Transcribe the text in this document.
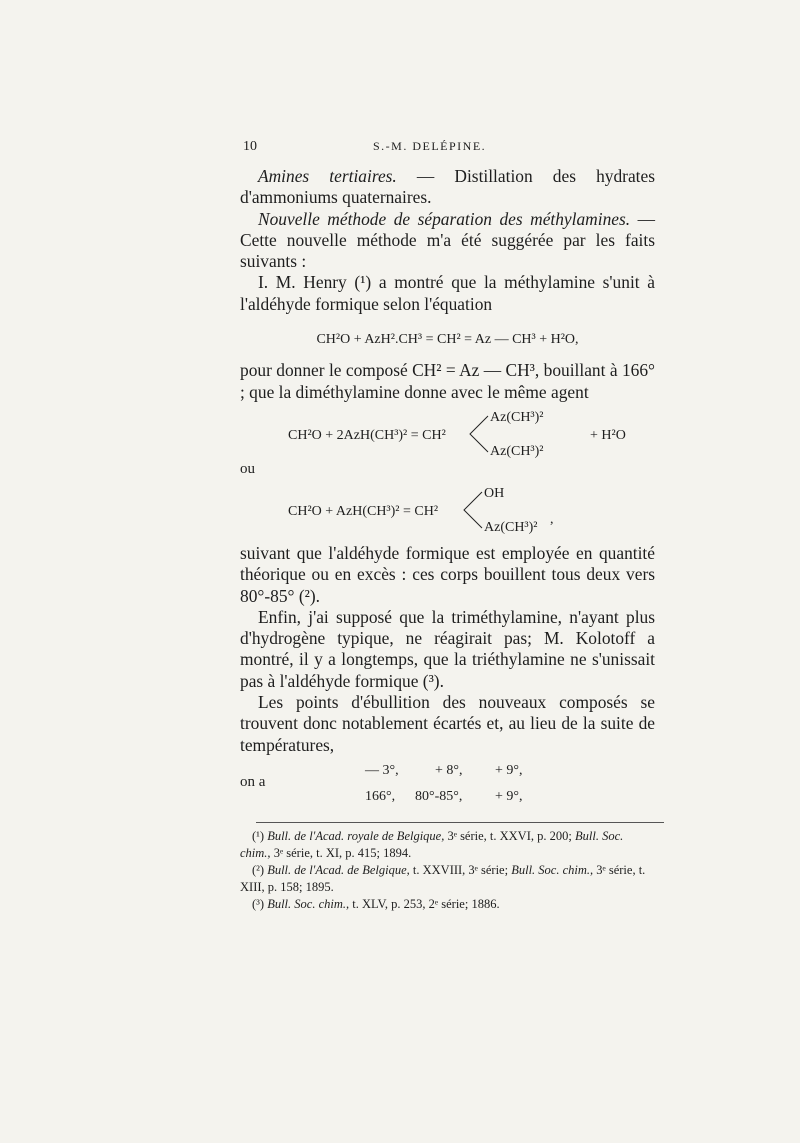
10	S.-M. DELÉPINE.

Amines tertiaires. — Distillation des hydrates d'ammoniums quaternaires.

Nouvelle méthode de séparation des méthylamines. — Cette nouvelle méthode m'a été suggérée par les faits suivants :

I. M. Henry (¹) a montré que la méthylamine s'unit à l'aldéhyde formique selon l'équation

CH²O + AzH².CH³ = CH² = Az — CH³ + H²O,

pour donner le composé CH² = Az — CH³, bouillant à 166° ; que la diméthylamine donne avec le même agent

CH²O + 2AzH(CH³)² = CH²
Az(CH³)²
Az(CH³)²
+ H²O
ou
CH²O + AzH(CH³)² = CH²
OH
Az(CH³)²
,

suivant que l'aldéhyde formique est employée en quantité théorique ou en excès : ces corps bouillent tous deux vers 80°-85° (²).

Enfin, j'ai supposé que la triméthylamine, n'ayant plus d'hydrogène typique, ne réagirait pas; M. Kolotoff a montré, il y a longtemps, que la triéthylamine ne s'unissait pas à l'aldéhyde formique (³).

Les points d'ébullition des nouveaux composés se trouvent donc notablement écartés et, au lieu de la suite de températures,

— 3°,	+ 8°, + 9°,
on a
166°, 80°-85°, + 9°,

(¹) Bull. de l'Acad. royale de Belgique, 3ᵉ série, t. XXVI, p. 200; Bull. Soc. chim., 3ᵉ série, t. XI, p. 415; 1894.

(²) Bull. de l'Acad. de Belgique, t. XXVIII, 3ᵉ série; Bull. Soc. chim., 3ᵉ série, t. XIII, p. 158; 1895.

(³) Bull. Soc. chim., t. XLV, p. 253, 2ᵉ série; 1886.
